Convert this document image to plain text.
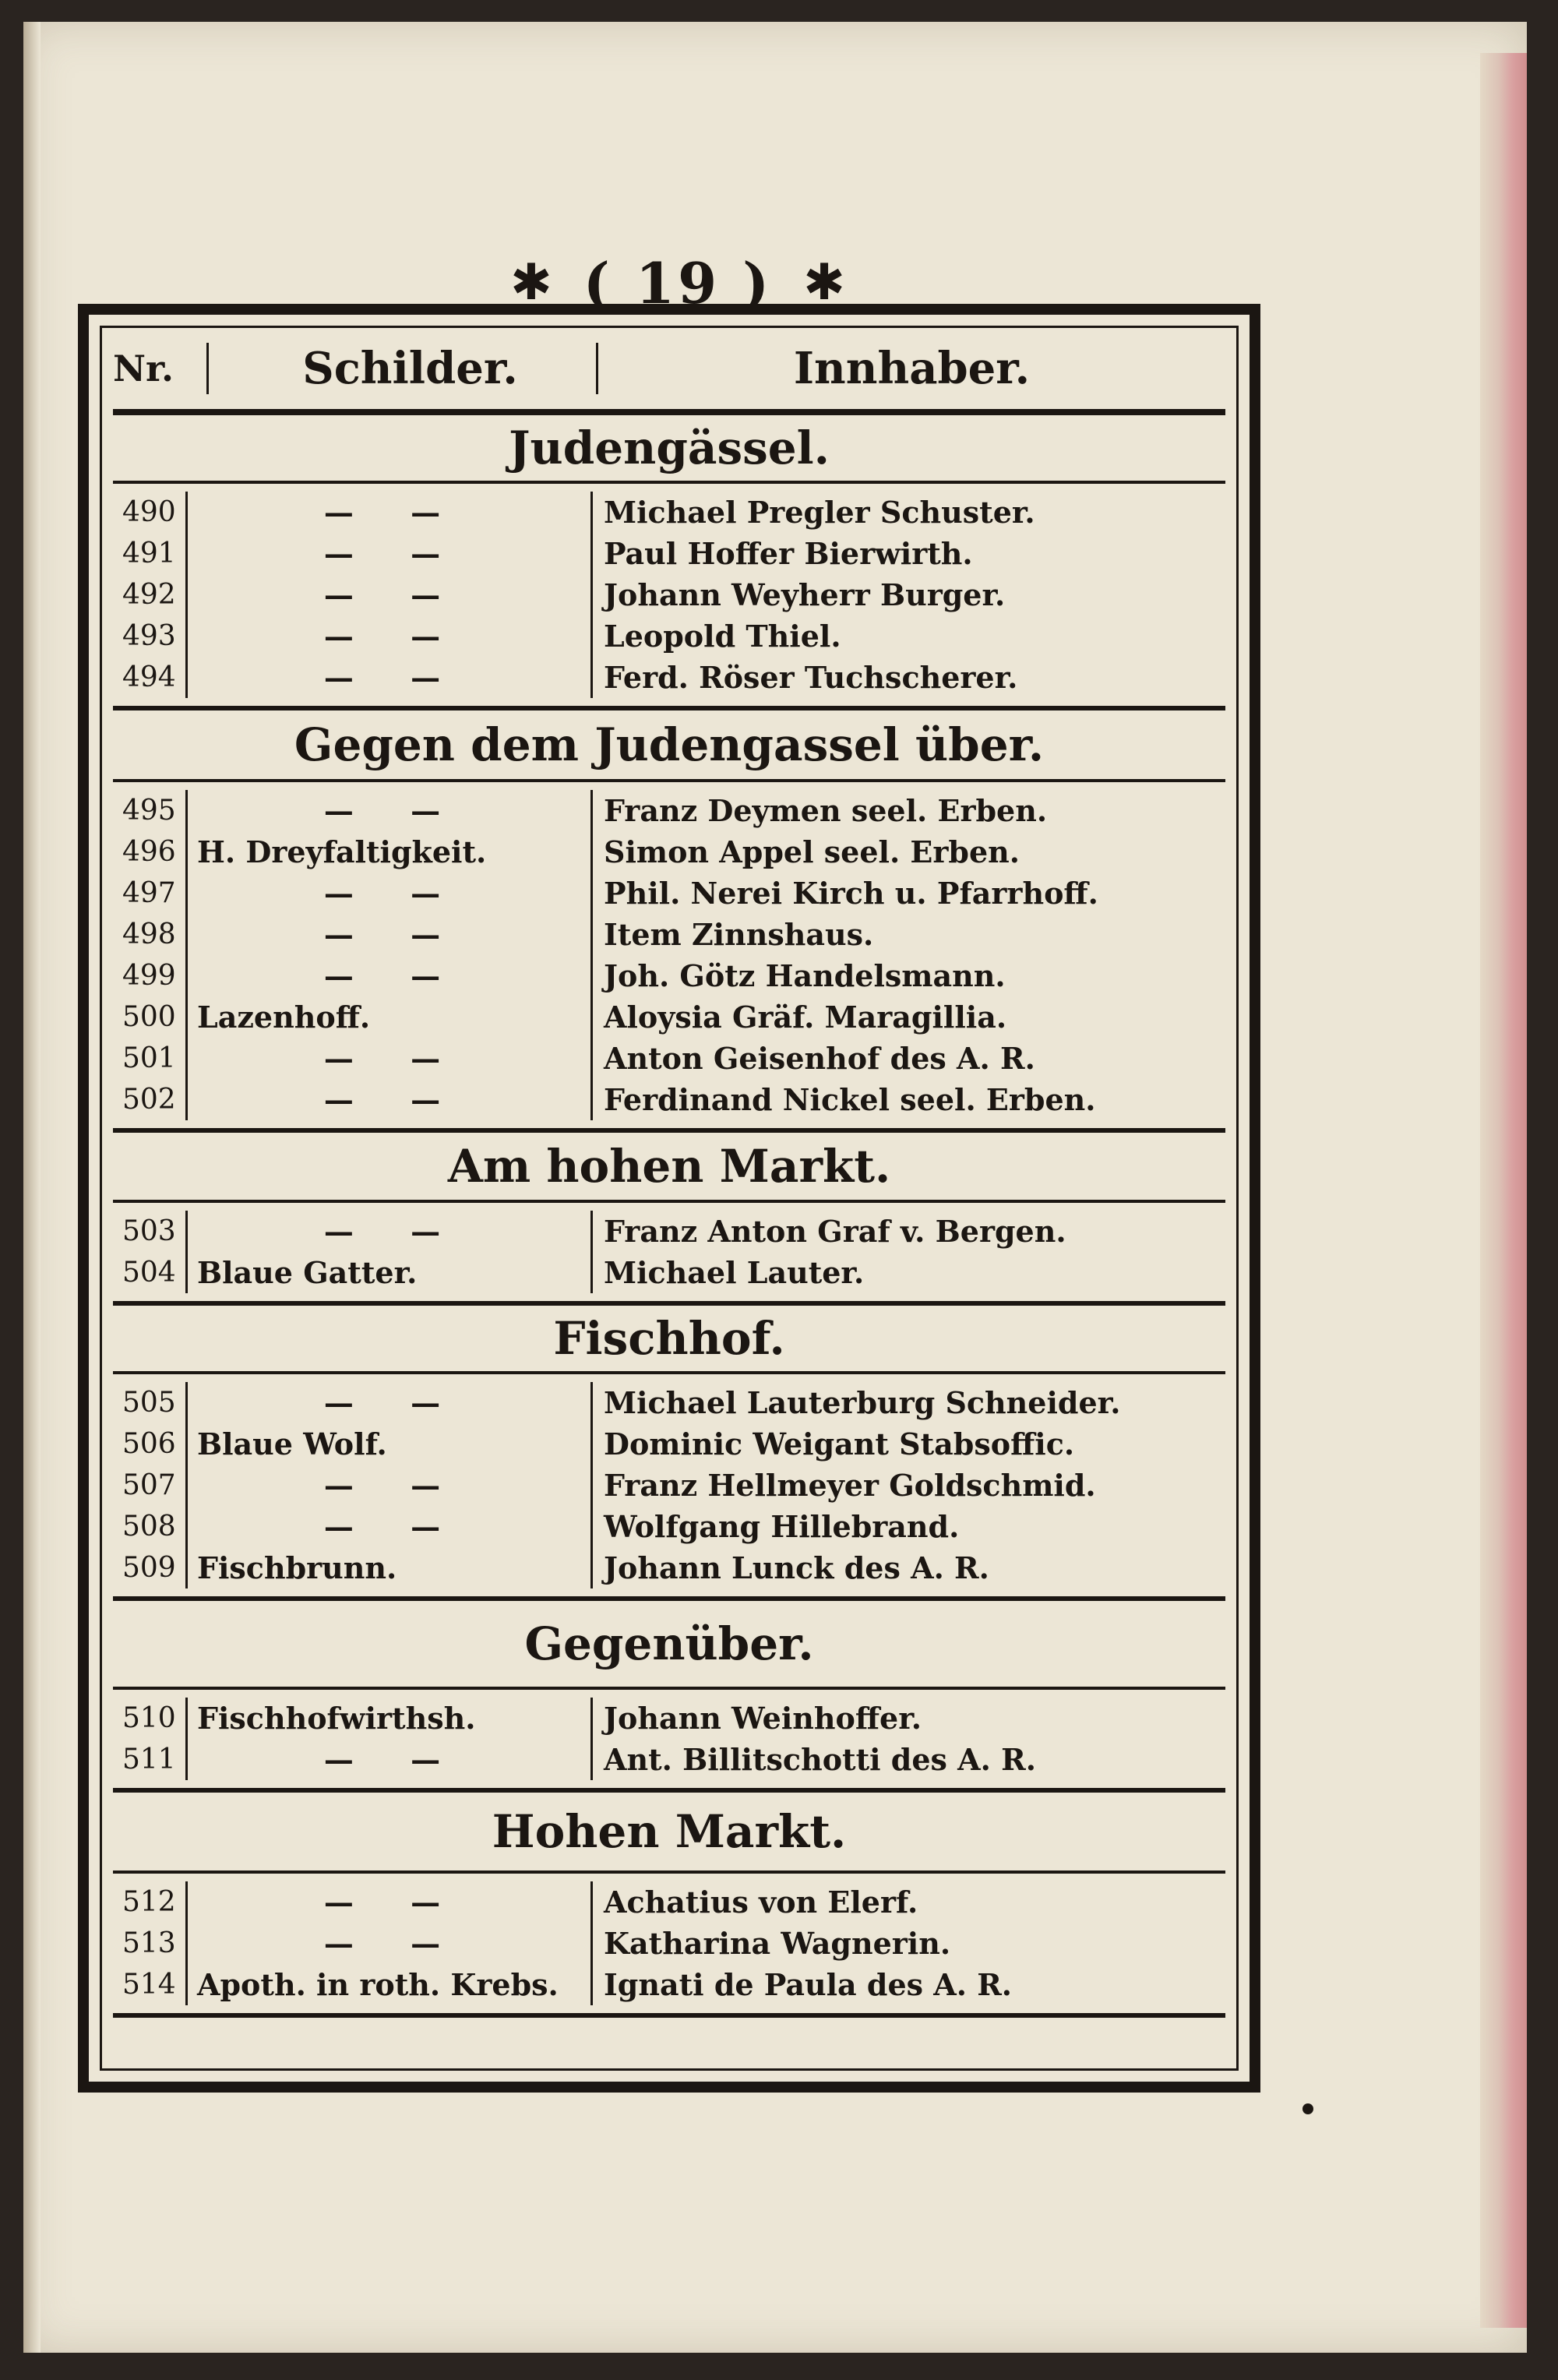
✱ ( 19 ) ✱
Nr.	Schilder.	Innhaber.
Judengässel.
490	— —	Michael Pregler Schuster.
491	— —	Paul Hoffer Bierwirth.
492	— —	Johann Weyherr Burger.
493	— —	Leopold Thiel.
494	— —	Ferd. Röser Tuchscherer.
Gegen dem Judengassel über.
495	— —	Franz Deymen seel. Erben.
496 H. Dreyfaltigkeit.	Simon Appel seel. Erben.
497	— —	Phil. Nerei Kirch u. Pfarrhoff.
498	— —	Item Zinnshaus.
499	— —	Joh. Götz Handelsmann.
500 Lazenhoff.	Aloysia Gräf. Maragillia.
501	— —	Anton Geisenhof des A. R.
502	— —	Ferdinand Nickel seel. Erben.
Am hohen Markt.
503	— —	Franz Anton Graf v. Bergen.
504 Blaue Gatter.	Michael Lauter.
Fischhof.
505	— —	Michael Lauterburg Schneider.
506 Blaue Wolf.	Dominic Weigant Stabsoffic.
507	— —	Franz Hellmeyer Goldschmid.
508	— —	Wolfgang Hillebrand.
509 Fischbrunn.	Johann Lunck des A. R.
Gegenüber.
510 Fischhofwirthsh.	Johann Weinhoffer.
511	— —	Ant. Billitschotti des A. R.
Hohen Markt.
512	— —	Achatius von Elerf.
513	— —	Katharina Wagnerin.
514 Apoth. in roth. Krebs.	Ignati de Paula des A. R.
